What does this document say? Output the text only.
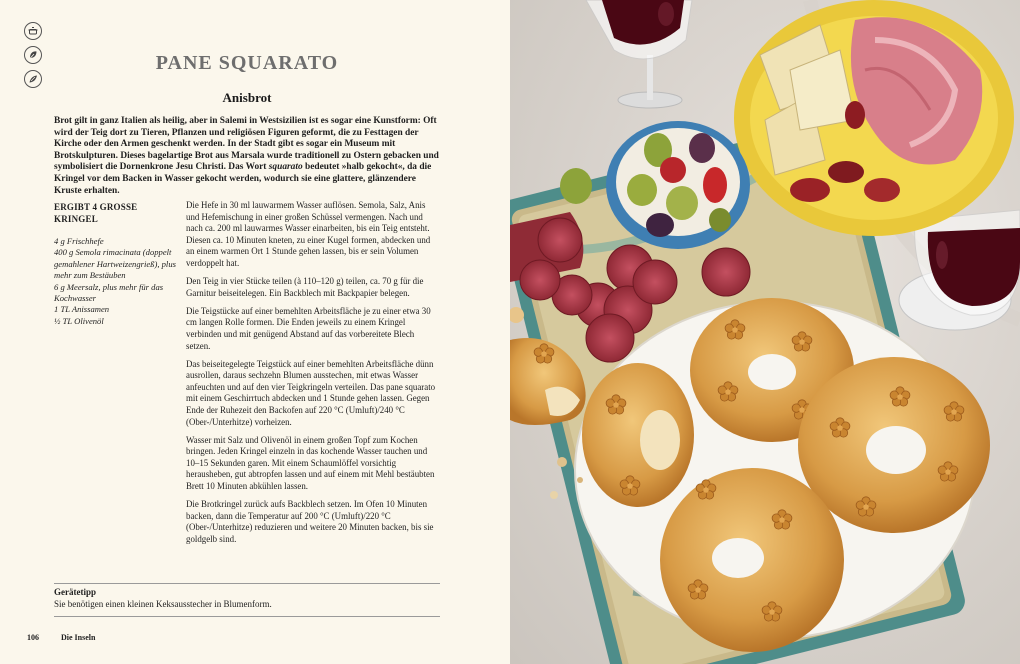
PANE SQUARATO
Anisbrot

Brot gilt in ganz Italien als heilig, aber in Salemi in Westsizilien ist es sogar eine Kunstform: Oft wird der Teig dort zu Tieren, Pflanzen und religiösen Figuren geformt, die zu Festtagen der Kirche oder den Armen geschenkt werden. In der Stadt gibt es sogar ein Museum mit Brotskulpturen. Dieses bagelartige Brot aus Marsala wurde traditionell zu Ostern gebacken und symbolisiert die Dornenkrone Jesu Christi. Das Wort squarato bedeutet »halb gekocht«, da die Kringel vor dem Backen in Wasser gekocht werden, wodurch sie eine glattere, glänzendere Kruste erhalten.

ERGIBT 4 GROSSE KRINGEL
4 g Frischhefe
400 g Semola rimacinata (doppelt gemahlener Hartweizengrieß), plus mehr zum Bestäuben
6 g Meersalz, plus mehr für das Kochwasser
1 TL Anissamen
½ TL Olivenöl

Die Hefe in 30 ml lauwarmem Wasser auflösen. Semola, Salz, Anis und Hefemischung in einer großen Schüssel vermengen. Nach und nach ca. 200 ml lauwarmes Wasser einarbeiten, bis ein Teig entsteht. Diesen ca. 10 Minuten kneten, zu einer Kugel formen, abdecken und an einem warmen Ort 1 Stunde gehen lassen, bis er sein Volumen verdoppelt hat.

Den Teig in vier Stücke teilen (à 110–120 g) teilen, ca. 70 g für die Garnitur beiseitelegen. Ein Backblech mit Backpapier belegen.

Die Teigstücke auf einer bemehlten Arbeitsfläche je zu einer etwa 30 cm langen Rolle formen. Die Enden jeweils zu einem Kringel verbinden und mit genügend Abstand auf das vorbereitete Blech setzen.

Das beiseitegelegte Teigstück auf einer bemehlten Arbeitsfläche dünn ausrollen, daraus sechzehn Blumen ausstechen, mit etwas Wasser anfeuchten und auf den vier Teigkringeln verteilen. Das pane squarato mit einem Geschirrtuch abdecken und 1 Stunde gehen lassen. Gegen Ende der Ruhezeit den Backofen auf 220 °C (Umluft)/240 °C (Ober-/Unterhitze) vorheizen.

Wasser mit Salz und Olivenöl in einem großen Topf zum Kochen bringen. Jeden Kringel einzeln in das kochende Wasser tauchen und 10–15 Sekunden garen. Mit einem Schaumlöffel vorsichtig herausheben, gut abtropfen lassen und auf einem mit Mehl bestäubten Brett 10 Minuten abkühlen lassen.

Die Brotkringel zurück aufs Backblech setzen. Im Ofen 10 Minuten backen, dann die Temperatur auf 200 °C (Umluft)/220 °C (Ober-/Unterhitze) reduzieren und weitere 20 Minuten backen, bis sie goldgelb sind.

Gerätetipp
Sie benötigen einen kleinen Keksausstecher in Blumenform.
106	Die Inseln
